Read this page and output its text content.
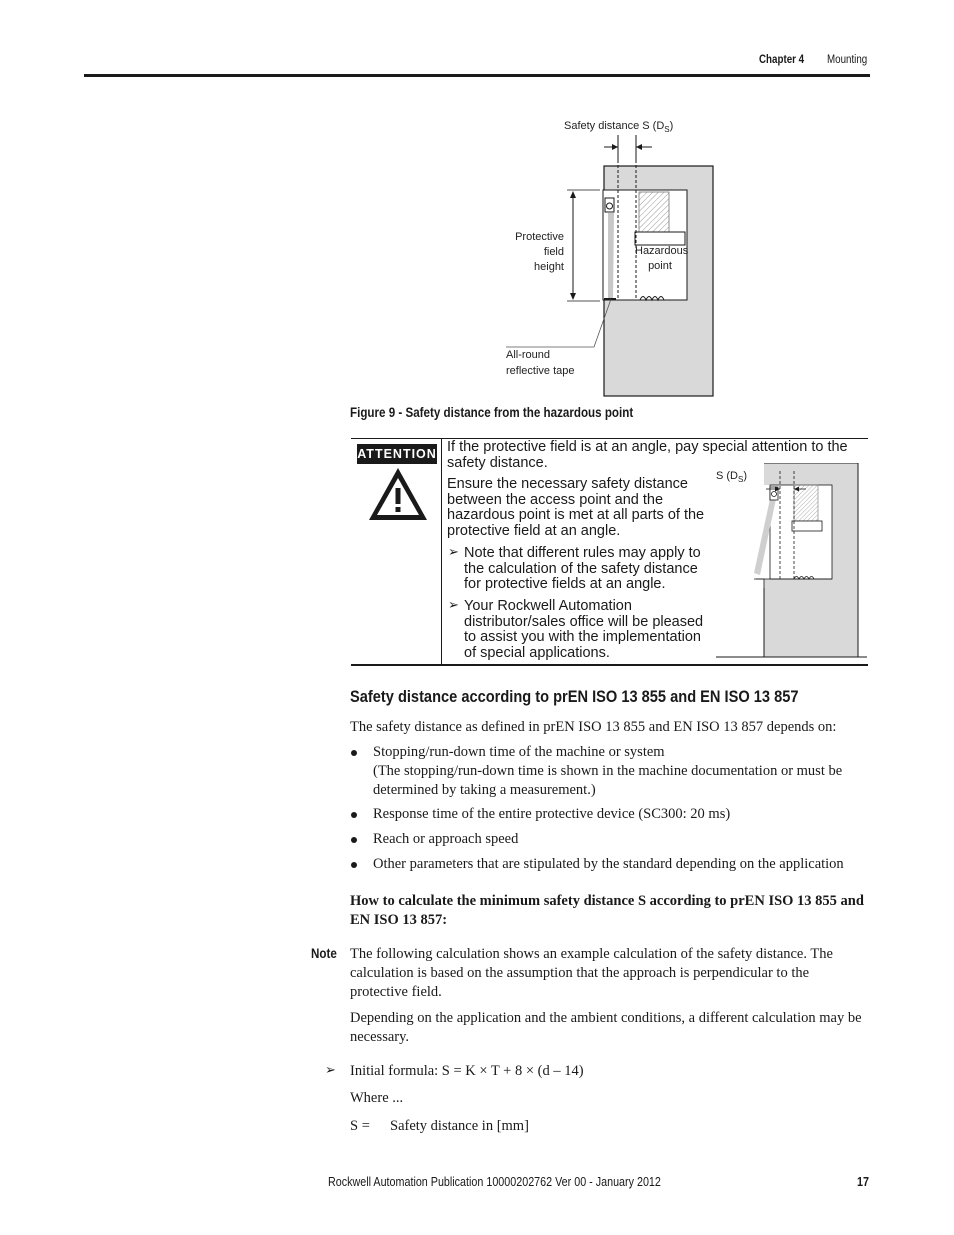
Chapter 4 Mounting
Safety distance S $(D_S)$
Protective field
height
Hazardous
point
All-round
reflective tape
Figure 9 - Safety distance from the hazardous point
ATTENTION If the protective field is at an angle, pay special attention to the
safety distance.
Ensure the necessary safety distance
between the access point and the
hazardous point is met at all parts of the
protective field at an angle.
➢ Note that different rules may apply to
the calculation of the safety distance
for protective fields at an angle.
➢ Your Rockwell Automation
distributor/sales office will be pleased
to assist you with the implementation
of special applications.
S $(D_S)$
Safety distance according to prEN ISO 13 855 and EN ISO 13 857
The safety distance as defined in prEN ISO 13 855 and EN ISO 13 857 depends on:
Stopping/run-down time of the machine or system
(The stopping/run-down time is shown in the machine documentation or must be
determined by taking a measurement.)
Response time of the entire protective device (SC300: 20 ms)
Reach or approach speed
Other parameters that are stipulated by the standard depending on the application
How to calculate the minimum safety distance S according to prEN ISO 13 855 and
EN ISO 13 857:
Note The following calculation shows an example calculation of the safety distance. The
calculation is based on the assumption that the approach is perpendicular to the
protective field.
Depending on the application and the ambient conditions, a different calculation may be
necessary.
➢ Initial formula: S = K × T + 8 × (d – 14)
Where ...
S = Safety distance in [mm]
Rockwell Automation Publication 10000202762 Ver 00 - January 2012	17
